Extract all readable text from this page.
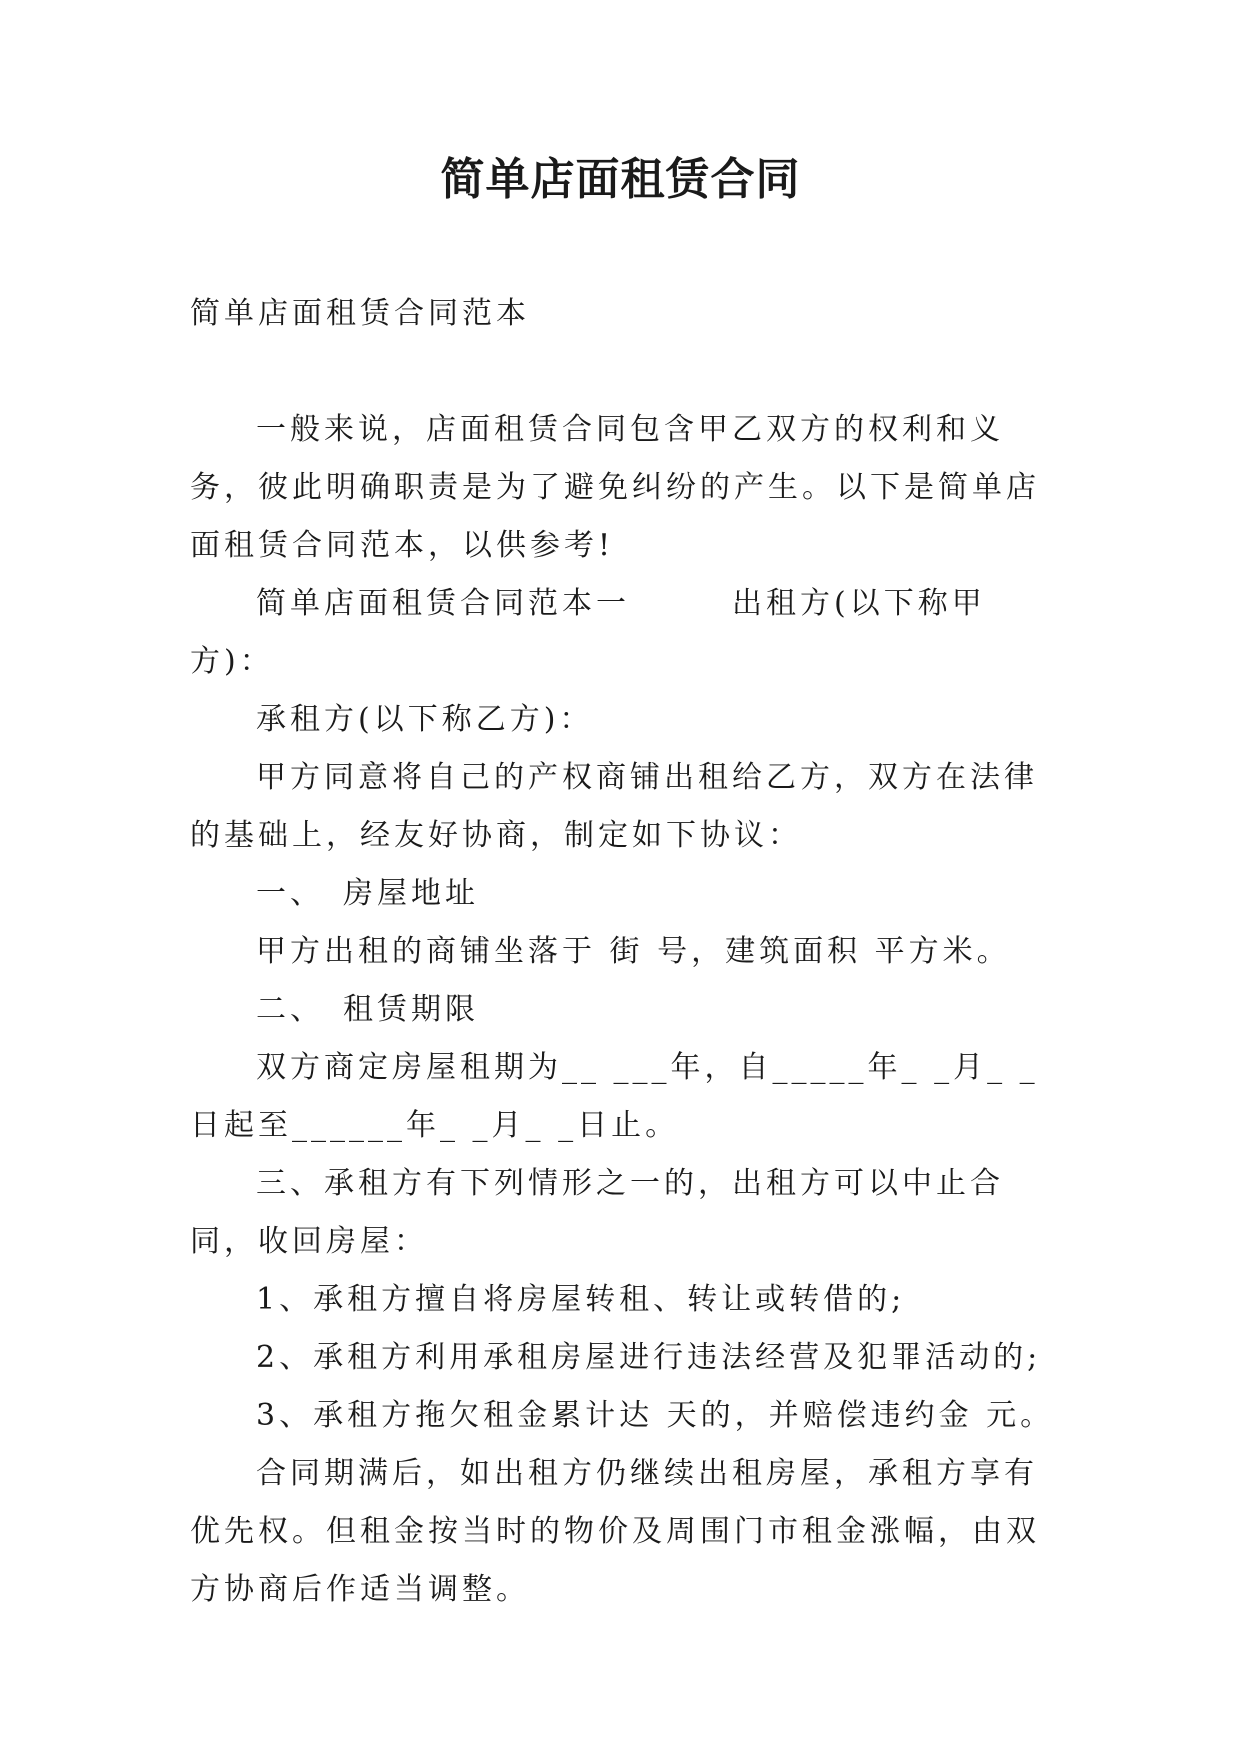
简单店面租赁合同

简单店面租赁合同范本

一般来说，店面租赁合同包含甲乙双方的权利和义务，彼此明确职责是为了避免纠纷的产生。以下是简单店面租赁合同范本，以供参考!

简单店面租赁合同范本一　　　出租方(以下称甲方)：

承租方(以下称乙方)：

甲方同意将自己的产权商铺出租给乙方，双方在法律的基础上，经友好协商，制定如下协议：

一、　房屋地址

甲方出租的商铺坐落于 街 号，建筑面积 平方米。

二、　租赁期限

双方商定房屋租期为__ ___年，自_____年_ _月_ _日起至______年_ _月_ _日止。

三、承租方有下列情形之一的，出租方可以中止合同，收回房屋：

1、承租方擅自将房屋转租、转让或转借的;

2、承租方利用承租房屋进行违法经营及犯罪活动的;

3、承租方拖欠租金累计达 天的，并赔偿违约金 元。

合同期满后，如出租方仍继续出租房屋，承租方享有优先权。但租金按当时的物价及周围门市租金涨幅，由双方协商后作适当调整。
